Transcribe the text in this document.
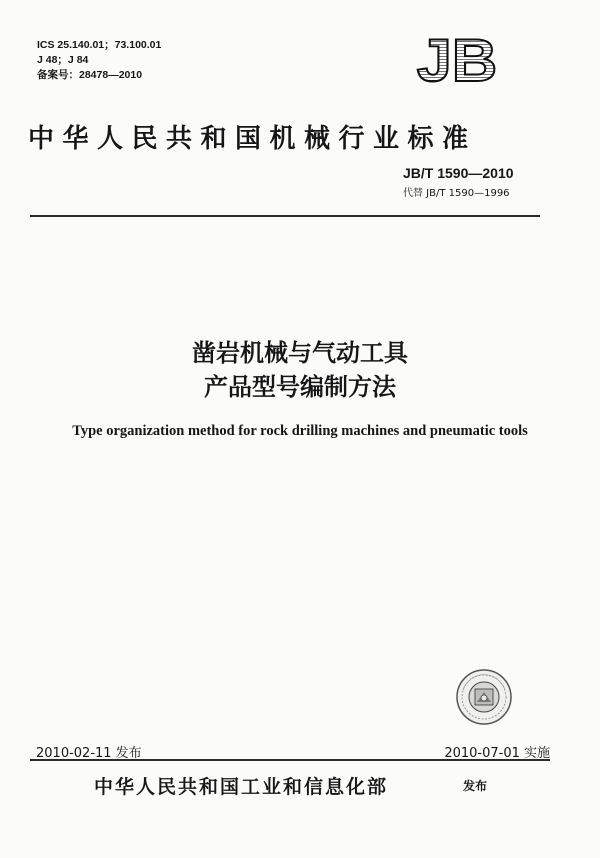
ICS 25.140.01；73.100.01
J 48；J 84
备案号：28478—2010	JB
中华人民共和国机械行业标准
JB/T 1590—2010
代替 JB/T 1590—1996
凿岩机械与气动工具
产品型号编制方法
Type organization method for rock drilling machines and pneumatic tools
2010-02-11 发布	2010-07-01 实施
中华人民共和国工业和信息化部	发布
